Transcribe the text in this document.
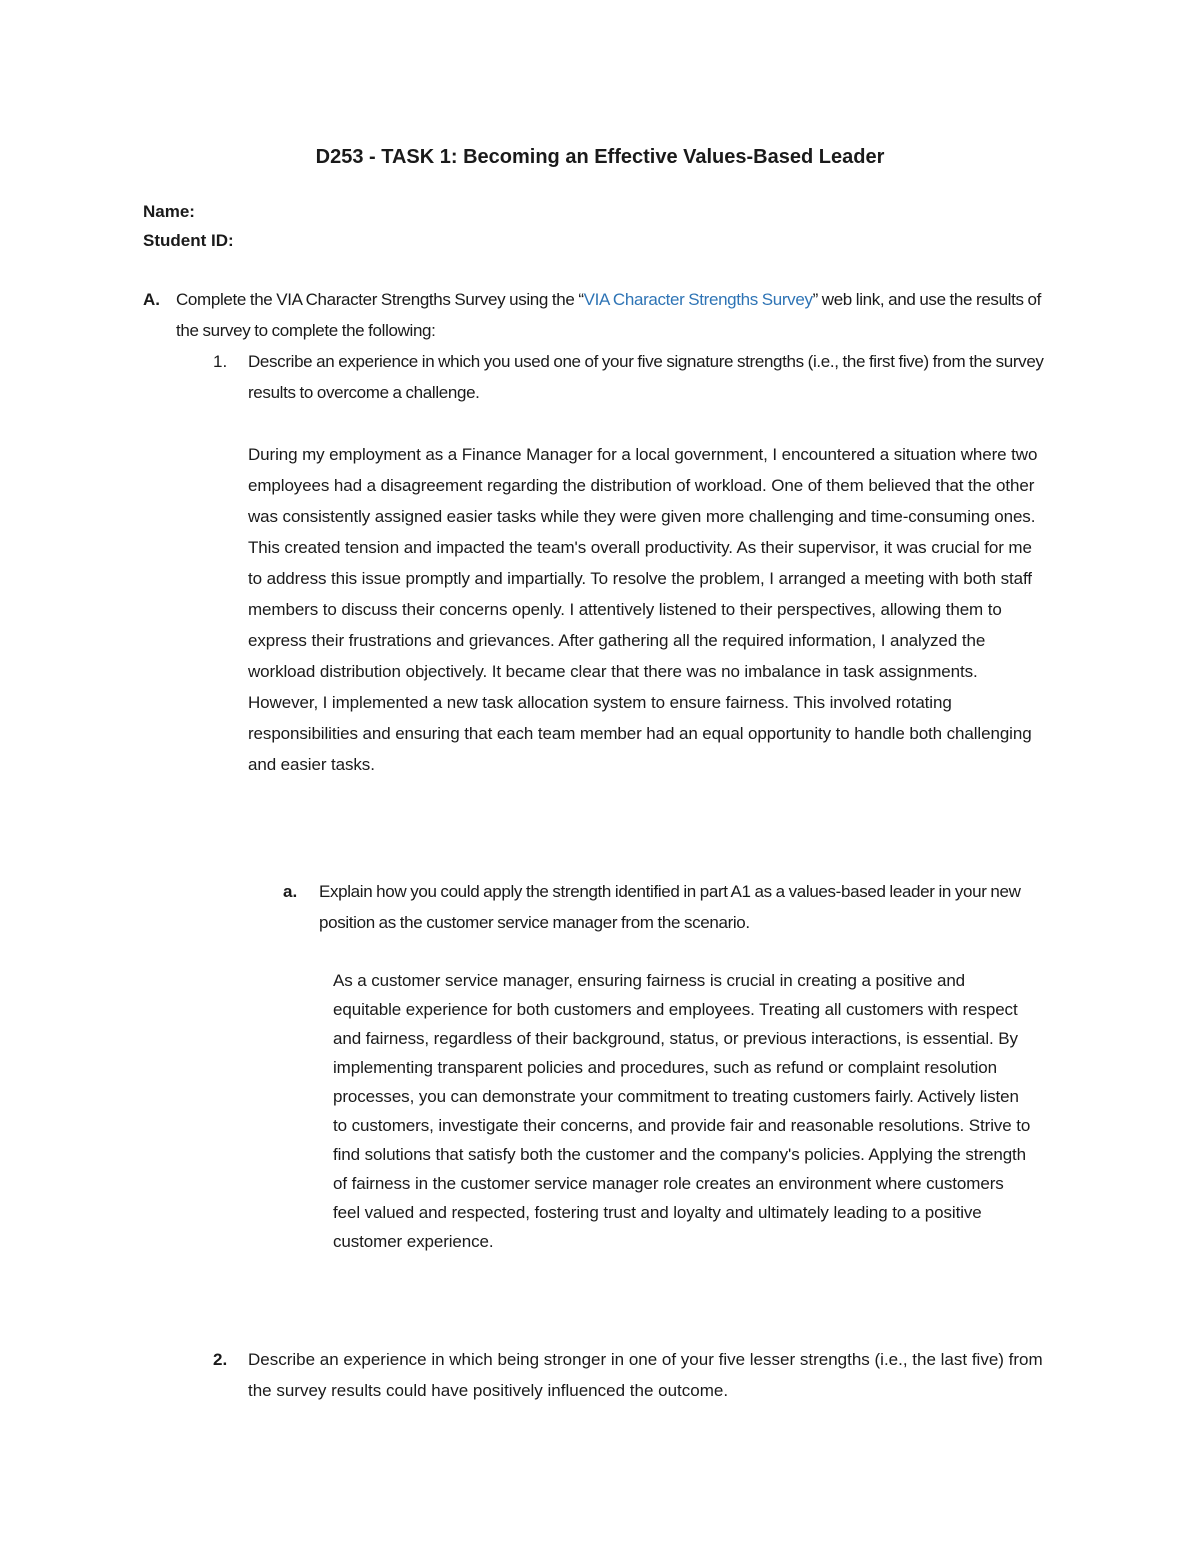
D253 - TASK 1: Becoming an Effective Values-Based Leader
Name:
Student ID:
A. Complete the VIA Character Strengths Survey using the “VIA Character Strengths Survey” web link, and use the results of the survey to complete the following:

1. Describe an experience in which you used one of your five signature strengths (i.e., the first five) from the survey results to overcome a challenge.

During my employment as a Finance Manager for a local government, I encountered a situation where two employees had a disagreement regarding the distribution of workload. One of them believed that the other was consistently assigned easier tasks while they were given more challenging and time-consuming ones. This created tension and impacted the team's overall productivity. As their supervisor, it was crucial for me to address this issue promptly and impartially. To resolve the problem, I arranged a meeting with both staff members to discuss their concerns openly. I attentively listened to their perspectives, allowing them to express their frustrations and grievances. After gathering all the required information, I analyzed the workload distribution objectively. It became clear that there was no imbalance in task assignments. However, I implemented a new task allocation system to ensure fairness. This involved rotating responsibilities and ensuring that each team member had an equal opportunity to handle both challenging and easier tasks.

a. Explain how you could apply the strength identified in part A1 as a values-based leader in your new position as the customer service manager from the scenario.

As a customer service manager, ensuring fairness is crucial in creating a positive and equitable experience for both customers and employees. Treating all customers with respect and fairness, regardless of their background, status, or previous interactions, is essential. By implementing transparent policies and procedures, such as refund or complaint resolution processes, you can demonstrate your commitment to treating customers fairly. Actively listen to customers, investigate their concerns, and provide fair and reasonable resolutions. Strive to find solutions that satisfy both the customer and the company's policies. Applying the strength of fairness in the customer service manager role creates an environment where customers feel valued and respected, fostering trust and loyalty and ultimately leading to a positive customer experience.

2. Describe an experience in which being stronger in one of your five lesser strengths (i.e., the last five) from the survey results could have positively influenced the outcome.
